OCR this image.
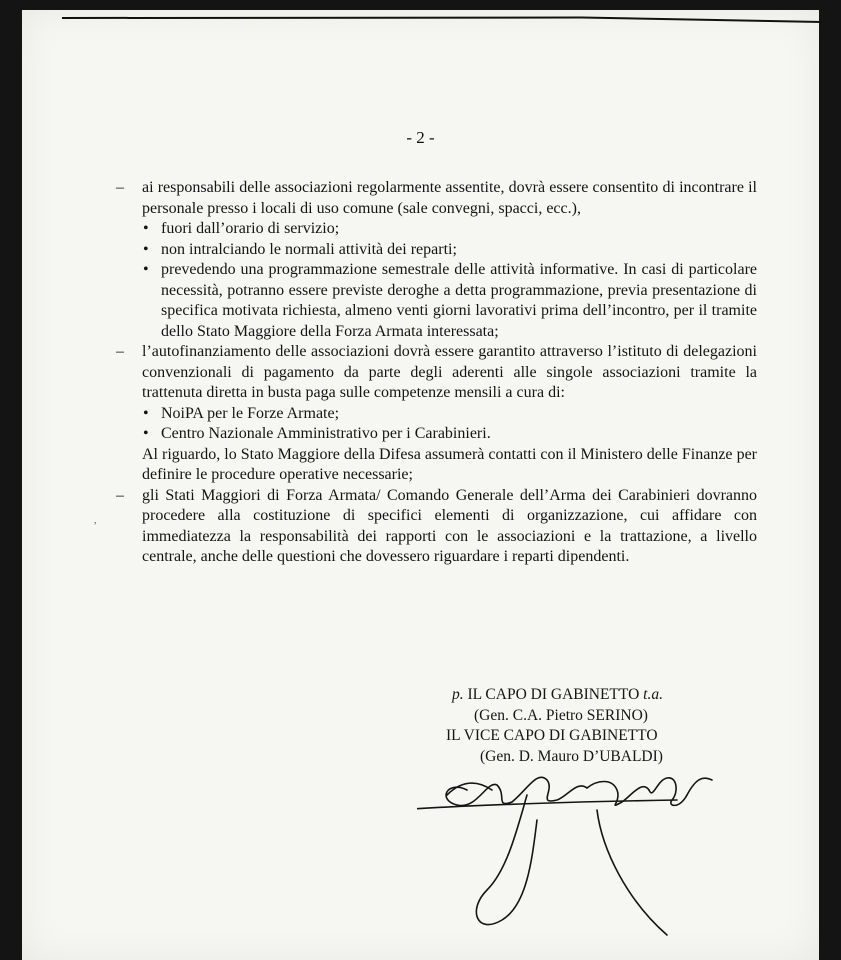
- 2 -
–	ai responsabili delle associazioni regolarmente assentite, dovrà essere consentito di incontrare il personale presso i locali di uso comune (sale convegni, spacci, ecc.),

• fuori dall’orario di servizio;
• non intralciando le normali attività dei reparti;
• prevedendo una programmazione semestrale delle attività informative. In casi di particolare necessità, potranno essere previste deroghe a detta programmazione, previa presentazione di specifica motivata richiesta, almeno venti giorni lavorativi prima dell’incontro, per il tramite dello Stato Maggiore della Forza Armata interessata;
–	l’autofinanziamento delle associazioni dovrà essere garantito attraverso l’istituto di delegazioni convenzionali di pagamento da parte degli aderenti alle singole associazioni tramite la trattenuta diretta in busta paga sulle competenze mensili a cura di:

• NoiPA per le Forze Armate;
• Centro Nazionale Amministrativo per i Carabinieri.

Al riguardo, lo Stato Maggiore della Difesa assumerà contatti con il Ministero delle Finanze per definire le procedure operative necessarie;

–	gli Stati Maggiori di Forza Armata/ Comando Generale dell’Arma dei Carabinieri dovranno procedere alla costituzione di specifici elementi di organizzazione, cui affidare con immediatezza la responsabilità dei rapporti con le associazioni e la trattazione, a livello centrale, anche delle questioni che dovessero riguardare i reparti dipendenti.

p. IL CAPO DI GABINETTO t.a.
(Gen. C.A. Pietro SERINO)
IL VICE CAPO DI GABINETTO
(Gen. D. Mauro D’UBALDI)
,
